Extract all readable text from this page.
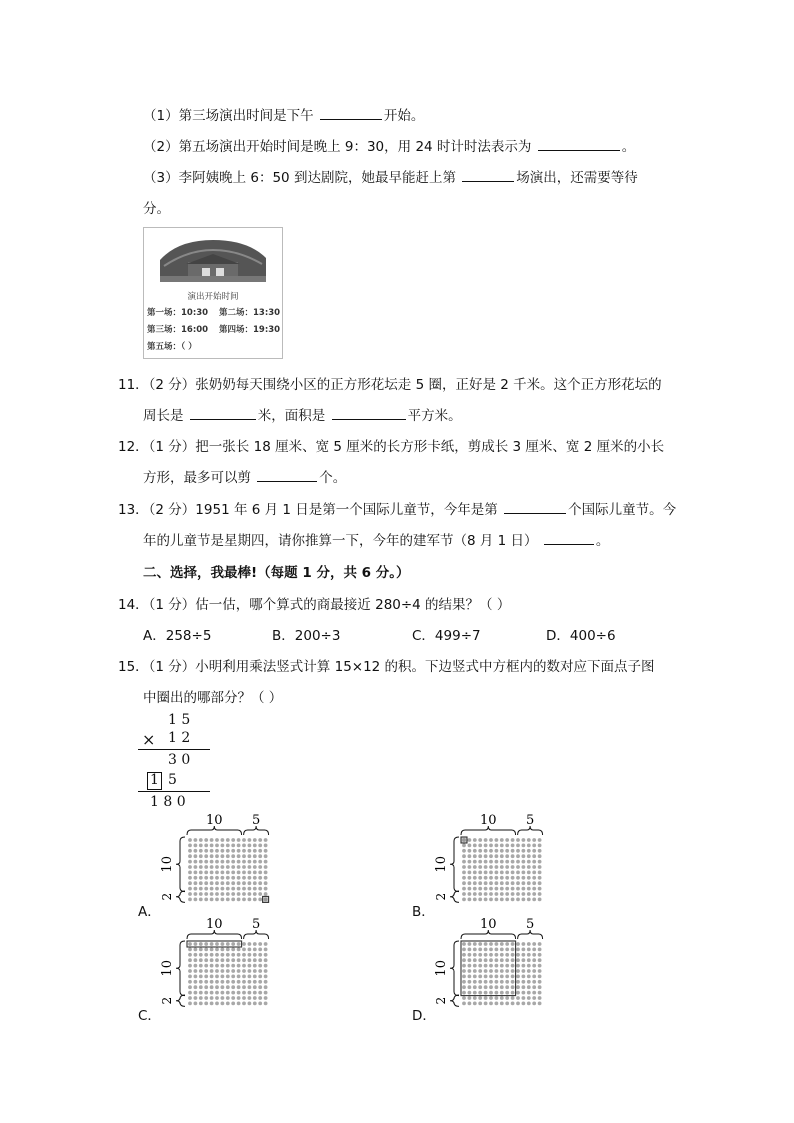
（1）第三场演出时间是下午	开始。
（2）第五场演出开始时间是晚上 9：30，用 24 时计时法表示为	。
（3）李阿姨晚上 6：50 到达剧院，她最早能赶上第	场演出，还需要等待
分。
演出开始时间
第一场：10:30 第二场：13:30
第三场：16:00 第四场：19:30
第五场：（ ）
11．（2 分）张奶奶每天围绕小区的正方形花坛走 5 圈，正好是 2 千米。这个正方形花坛的
周长是	米，面积是	平方米。
12．（1 分）把一张长 18 厘米、宽 5 厘米的长方形卡纸，剪成长 3 厘米、宽 2 厘米的小长
方形，最多可以剪	个。
13．（2 分）1951 年 6 月 1 日是第一个国际儿童节，今年是第	个国际儿童节。今
年的儿童节是星期四，请你推算一下，今年的建军节（8 月 1 日）	。
二、选择，我最棒!（每题 1 分，共 6 分。）
14．（1 分）估一估，哪个算式的商最接近 280÷4 的结果？（ ）
A．258÷5	B．200÷3	C．499÷7	D．400÷6
15．（1 分）小明利用乘法竖式计算 15×12 的积。下边竖式中方框内的数对应下面点子图
中圈出的哪部分？（ ）
1 5
× 1 2
3 0
1 5
1 8 0
A．
10 5
10
2
B．
10 5
10
2
C．
10 5
10
2
D．
10 5
10
2
